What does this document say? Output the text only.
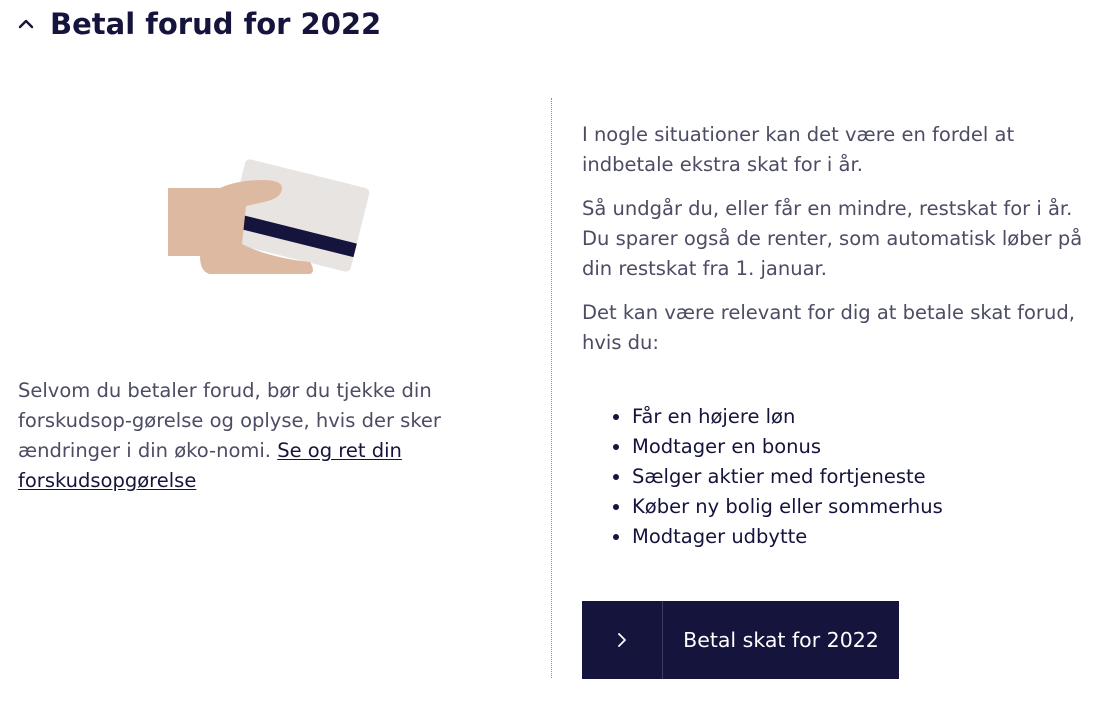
Betal forud for 2022

Selvom du betaler forud, bør du tjekke din forskudsop-gørelse og oplyse, hvis der sker ændringer i din øko-nomi. Se og ret din forskudsopgørelse

I nogle situationer kan det være en fordel at indbetale ekstra skat for i år.

Så undgår du, eller får en mindre, restskat for i år. Du sparer også de renter, som automatisk løber på din restskat fra 1. januar.

Det kan være relevant for dig at betale skat forud, hvis du:

• Får en højere løn
• Modtager en bonus
• Sælger aktier med fortjeneste
• Køber ny bolig eller sommerhus
• Modtager udbytte
Betal skat for 2022
